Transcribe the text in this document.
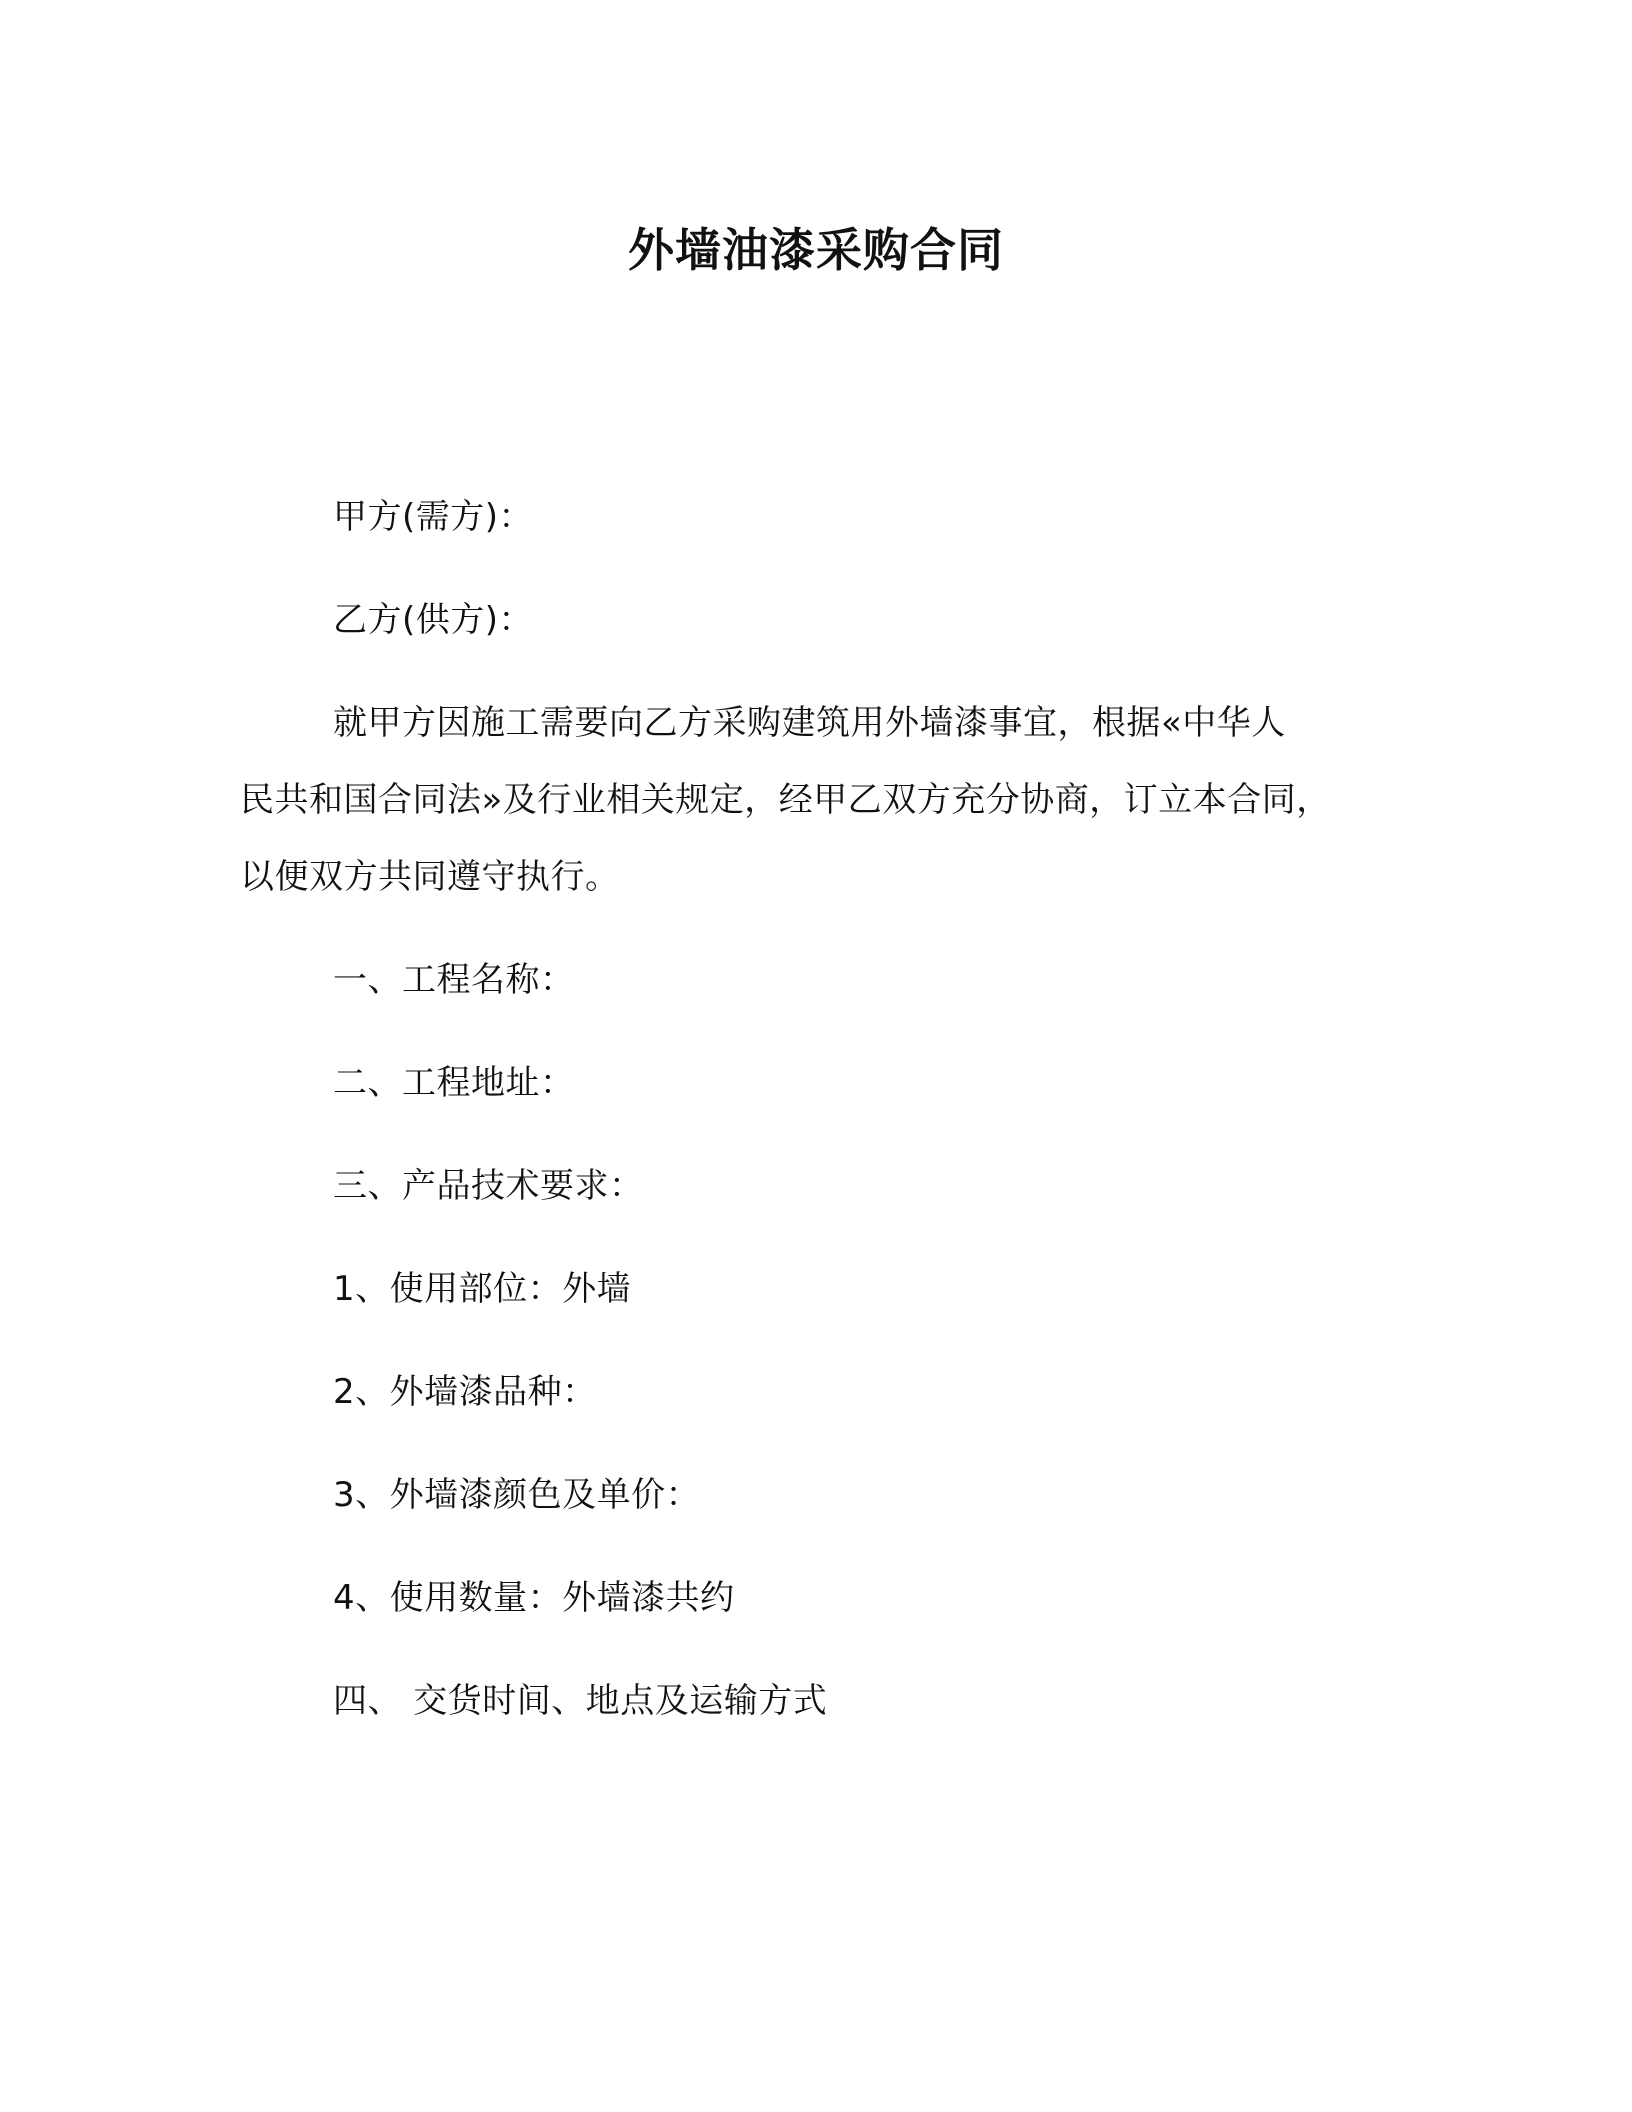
外墙油漆采购合同
甲方(需方)：
乙方(供方)：
就甲方因施工需要向乙方采购建筑用外墙漆事宜，根据«中华人
民共和国合同法»及行业相关规定，经甲乙双方充分协商，订立本合同，
以便双方共同遵守执行。
一、工程名称：
二、工程地址：
三、产品技术要求：
1、使用部位：外墙
2、外墙漆品种：
3、外墙漆颜色及单价：
4、使用数量：外墙漆共约
四、 交货时间、地点及运输方式
